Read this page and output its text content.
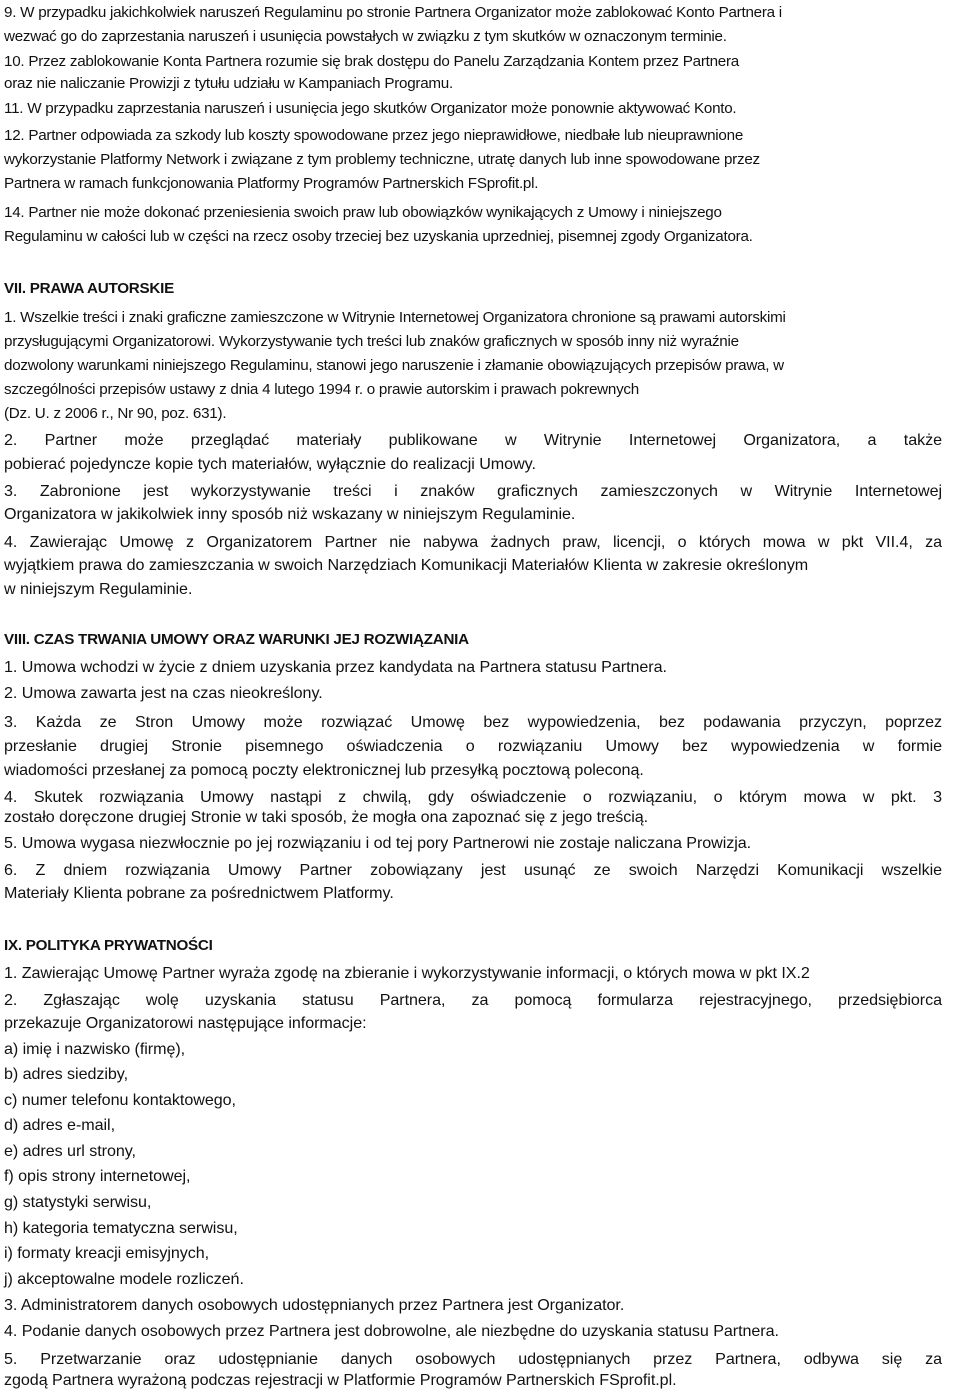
9. W przypadku jakichkolwiek naruszeń Regulaminu po stronie Partnera Organizator może zablokować Konto Partnera i
wezwać go do zaprzestania naruszeń i usunięcia powstałych w związku z tym skutków w oznaczonym terminie.
10. Przez zablokowanie Konta Partnera rozumie się brak dostępu do Panelu Zarządzania Kontem przez Partnera
oraz nie naliczanie Prowizji z tytułu udziału w Kampaniach Programu.
11. W przypadku zaprzestania naruszeń i usunięcia jego skutków Organizator może ponownie aktywować Konto.
12. Partner odpowiada za szkody lub koszty spowodowane przez jego nieprawidłowe, niedbałe lub nieuprawnione
wykorzystanie Platformy Network i związane z tym problemy techniczne, utratę danych lub inne spowodowane przez
Partnera w ramach funkcjonowania Platformy Programów Partnerskich FSprofit.pl.
14. Partner nie może dokonać przeniesienia swoich praw lub obowiązków wynikających z Umowy i niniejszego
Regulaminu w całości lub w części na rzecz osoby trzeciej bez uzyskania uprzedniej, pisemnej zgody Organizatora.
VII. PRAWA AUTORSKIE
1. Wszelkie treści i znaki graficzne zamieszczone w Witrynie Internetowej Organizatora chronione są prawami autorskimi
przysługującymi Organizatorowi. Wykorzystywanie tych treści lub znaków graficznych w sposób inny niż wyraźnie
dozwolony warunkami niniejszego Regulaminu, stanowi jego naruszenie i złamanie obowiązujących przepisów prawa, w
szczególności przepisów ustawy z dnia 4 lutego 1994 r. o prawie autorskim i prawach pokrewnych
(Dz. U. z 2006 r., Nr 90, poz. 631).
2. Partner może przeglądać materiały publikowane w Witrynie Internetowej Organizatora, a także
pobierać pojedyncze kopie tych materiałów, wyłącznie do realizacji Umowy.
3. Zabronione jest wykorzystywanie treści i znaków graficznych zamieszczonych w Witrynie Internetowej
Organizatora w jakikolwiek inny sposób niż wskazany w niniejszym Regulaminie.
4. Zawierając Umowę z Organizatorem Partner nie nabywa żadnych praw, licencji, o których mowa w pkt VII.4, za
wyjątkiem prawa do zamieszczania w swoich Narzędziach Komunikacji Materiałów Klienta w zakresie określonym
w niniejszym Regulaminie.
VIII. CZAS TRWANIA UMOWY ORAZ WARUNKI JEJ ROZWIĄZANIA
1. Umowa wchodzi w życie z dniem uzyskania przez kandydata na Partnera statusu Partnera.
2. Umowa zawarta jest na czas nieokreślony.
3. Każda ze Stron Umowy może rozwiązać Umowę bez wypowiedzenia, bez podawania przyczyn, poprzez
przesłanie drugiej Stronie pisemnego oświadczenia o rozwiązaniu Umowy bez wypowiedzenia w formie
wiadomości przesłanej za pomocą poczty elektronicznej lub przesyłką pocztową poleconą.
4. Skutek rozwiązania Umowy nastąpi z chwilą, gdy oświadczenie o rozwiązaniu, o którym mowa w pkt. 3
zostało doręczone drugiej Stronie w taki sposób, że mogła ona zapoznać się z jego treścią.
5. Umowa wygasa niezwłocznie po jej rozwiązaniu i od tej pory Partnerowi nie zostaje naliczana Prowizja.
6. Z dniem rozwiązania Umowy Partner zobowiązany jest usunąć ze swoich Narzędzi Komunikacji wszelkie
Materiały Klienta pobrane za pośrednictwem Platformy.
IX. POLITYKA PRYWATNOŚCI
1. Zawierając Umowę Partner wyraża zgodę na zbieranie i wykorzystywanie informacji, o których mowa w pkt IX.2
2. Zgłaszając wolę uzyskania statusu Partnera, za pomocą formularza rejestracyjnego, przedsiębiorca
przekazuje Organizatorowi następujące informacje:
a) imię i nazwisko (firmę),
b) adres siedziby,
c) numer telefonu kontaktowego,
d) adres e-mail,
e) adres url strony,
f) opis strony internetowej,
g) statystyki serwisu,
h) kategoria tematyczna serwisu,
i) formaty kreacji emisyjnych,
j) akceptowalne modele rozliczeń.
3. Administratorem danych osobowych udostępnianych przez Partnera jest Organizator.
4. Podanie danych osobowych przez Partnera jest dobrowolne, ale niezbędne do uzyskania statusu Partnera.
5. Przetwarzanie oraz udostępnianie danych osobowych udostępnianych przez Partnera, odbywa się za
zgodą Partnera wyrażoną podczas rejestracji w Platformie Programów Partnerskich FSprofit.pl.
